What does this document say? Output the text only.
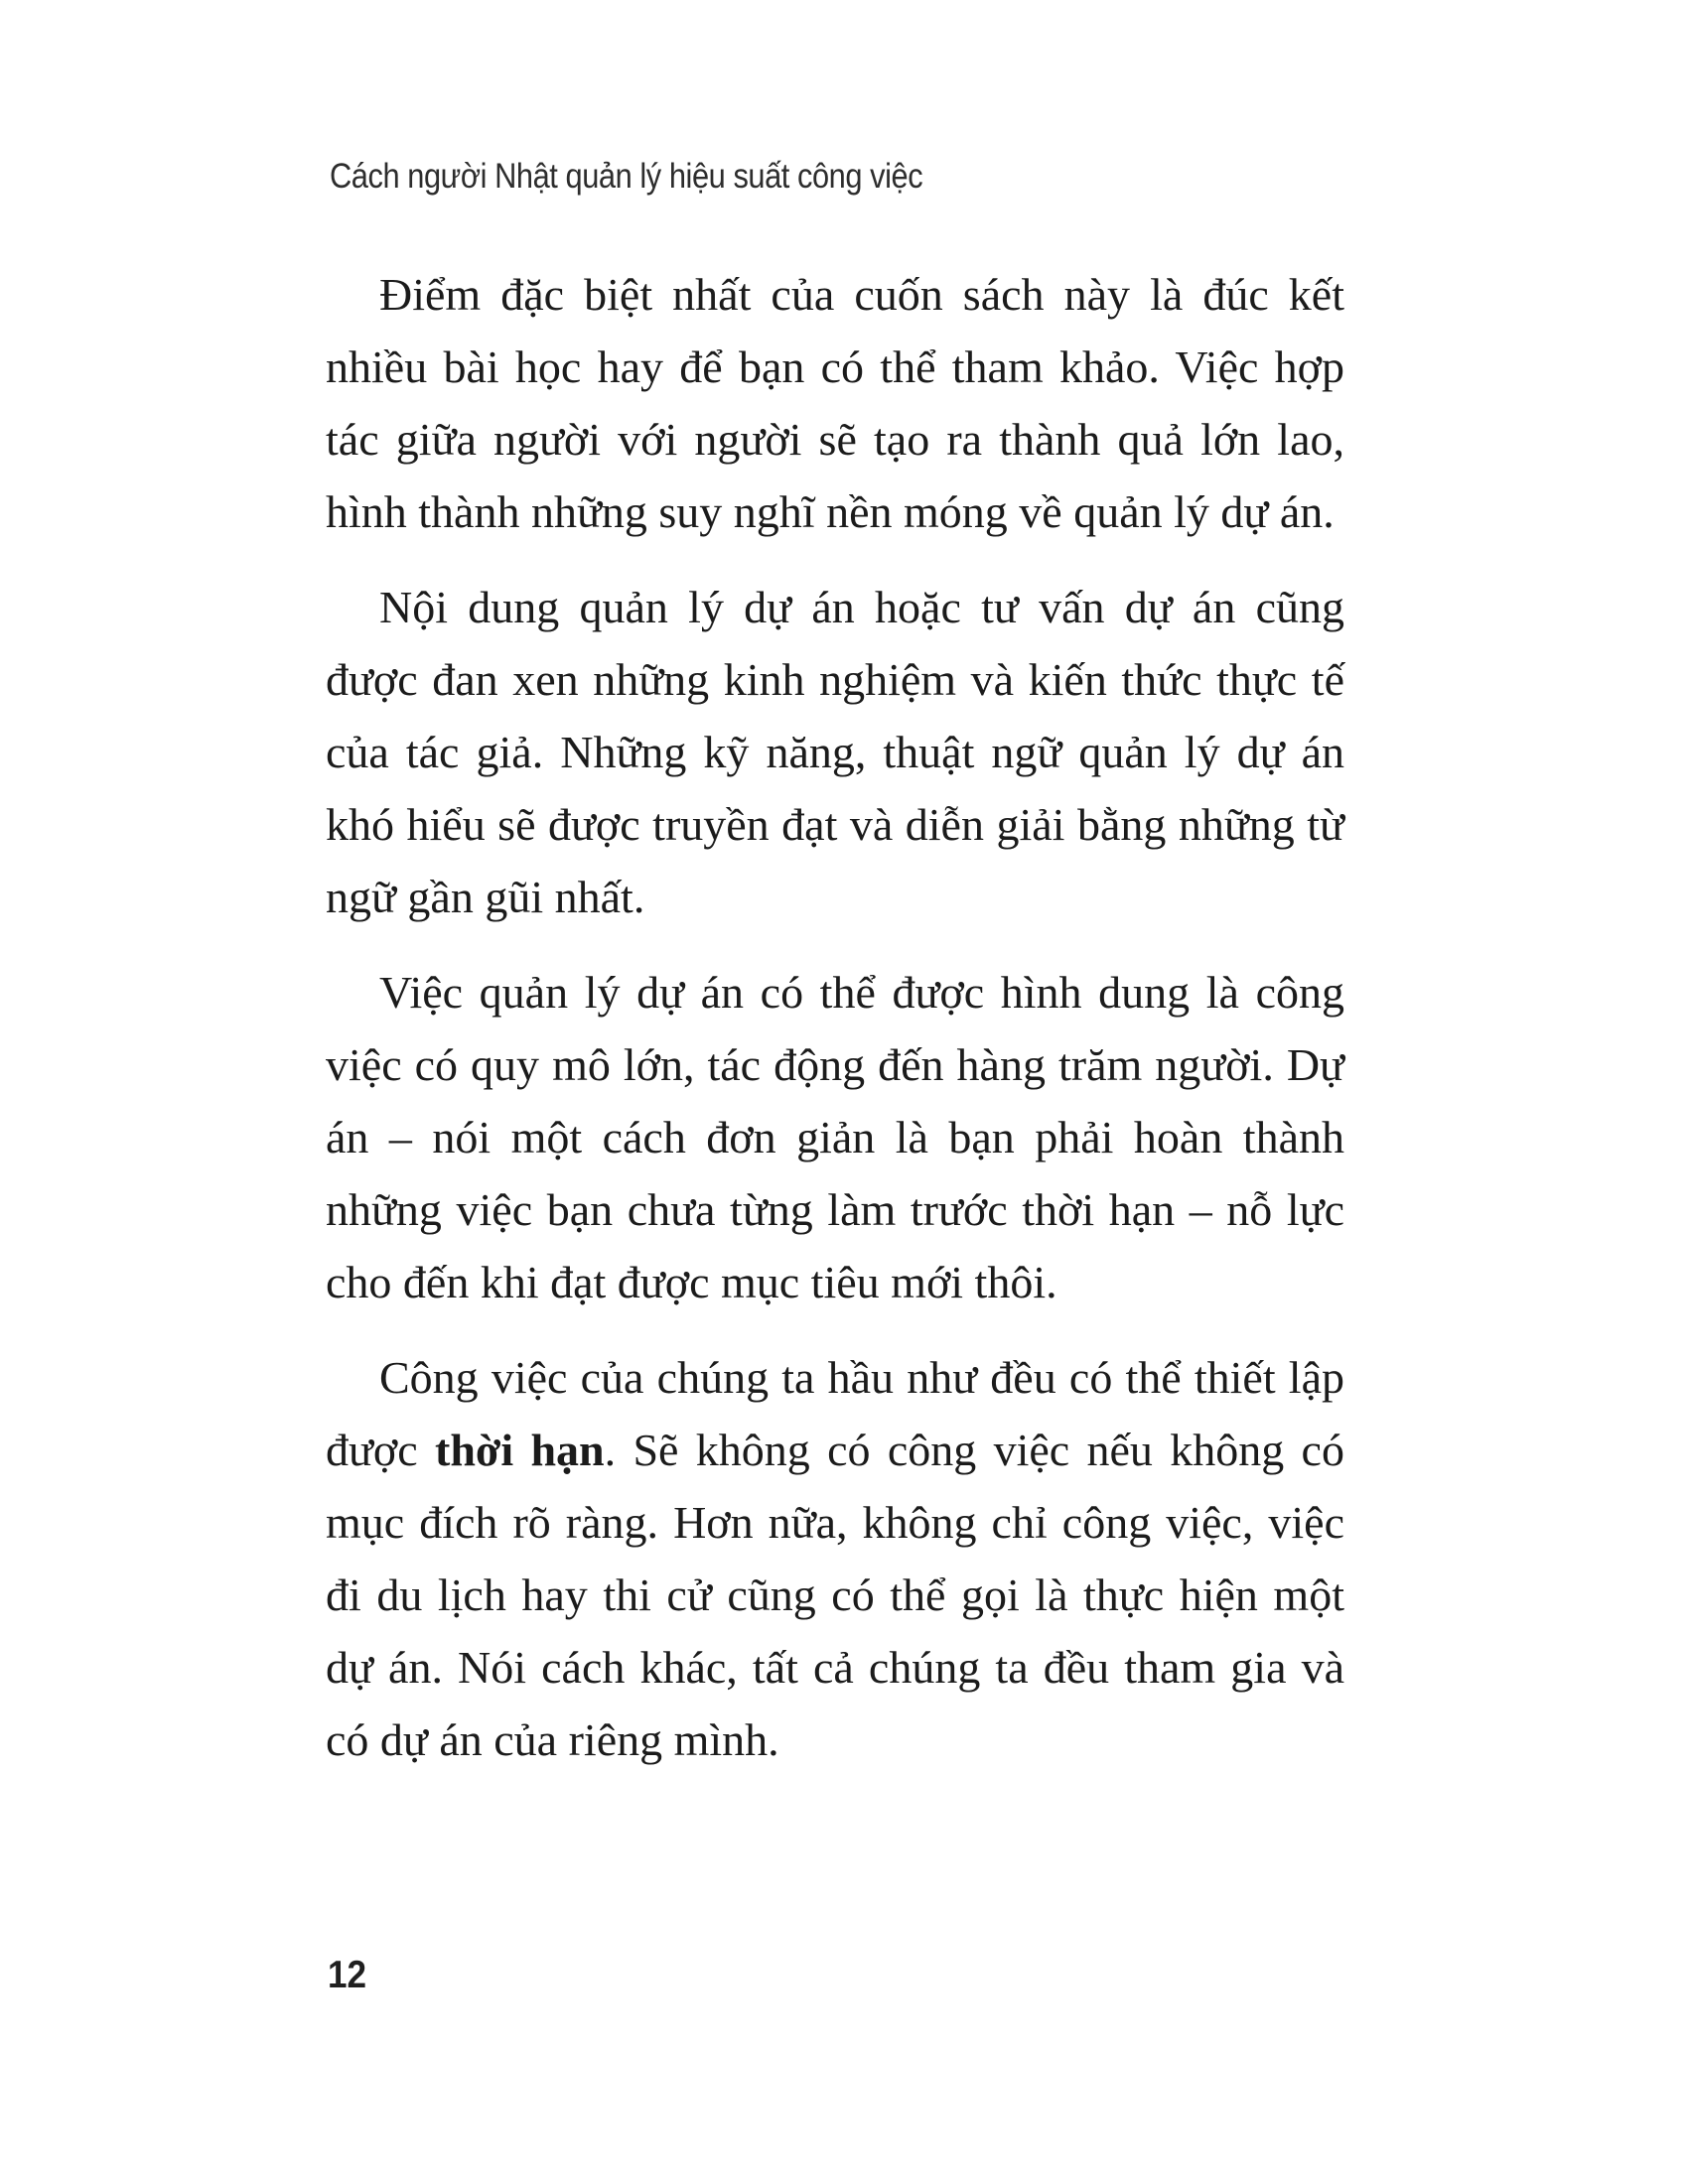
Cách người Nhật quản lý hiệu suất công việc

Điểm đặc biệt nhất của cuốn sách này là đúc kết nhiều bài học hay để bạn có thể tham khảo. Việc hợp tác giữa người với người sẽ tạo ra thành quả lớn lao, hình thành những suy nghĩ nền móng về quản lý dự án.

Nội dung quản lý dự án hoặc tư vấn dự án cũng được đan xen những kinh nghiệm và kiến thức thực tế của tác giả. Những kỹ năng, thuật ngữ quản lý dự án khó hiểu sẽ được truyền đạt và diễn giải bằng những từ ngữ gần gũi nhất.

Việc quản lý dự án có thể được hình dung là công việc có quy mô lớn, tác động đến hàng trăm người. Dự án – nói một cách đơn giản là bạn phải hoàn thành những việc bạn chưa từng làm trước thời hạn – nỗ lực cho đến khi đạt được mục tiêu mới thôi.

Công việc của chúng ta hầu như đều có thể thiết lập được thời hạn. Sẽ không có công việc nếu không có mục đích rõ ràng. Hơn nữa, không chỉ công việc, việc đi du lịch hay thi cử cũng có thể gọi là thực hiện một dự án. Nói cách khác, tất cả chúng ta đều tham gia và có dự án của riêng mình.

12
